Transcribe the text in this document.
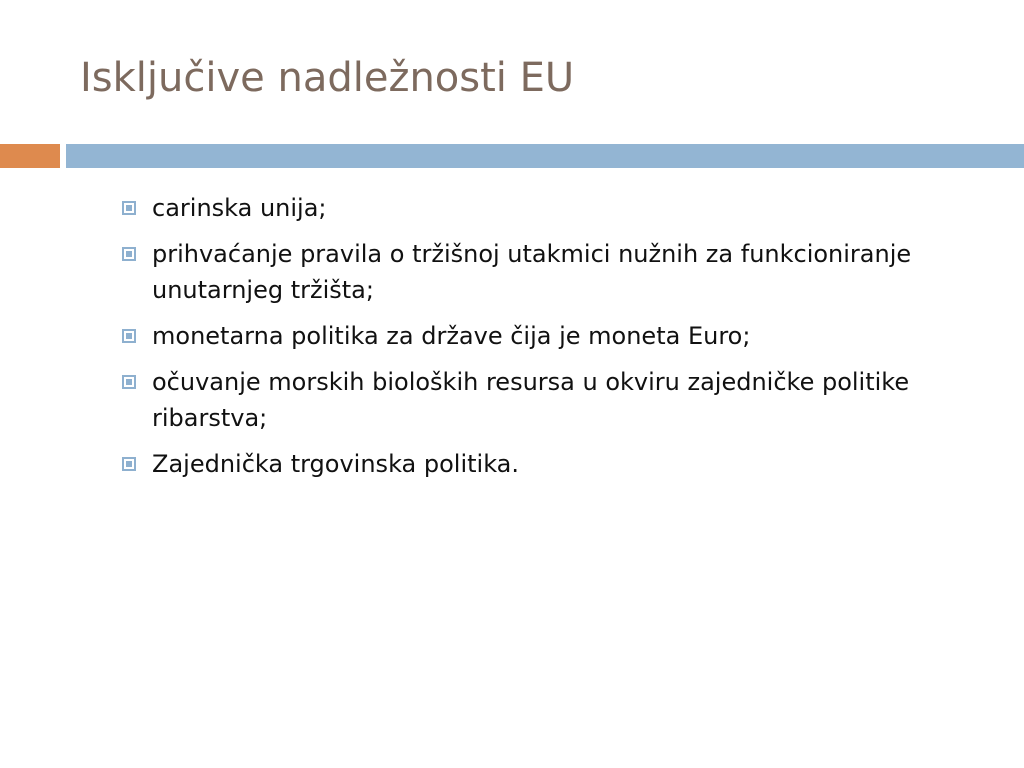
Isključive nadležnosti EU
carinska unija;
prihvaćanje pravila o tržišnoj utakmici nužnih za funkcioniranje unutarnjeg tržišta;
monetarna politika za države čija je moneta Euro;
očuvanje morskih bioloških resursa u okviru zajedničke politike ribarstva;
Zajednička trgovinska politika.
